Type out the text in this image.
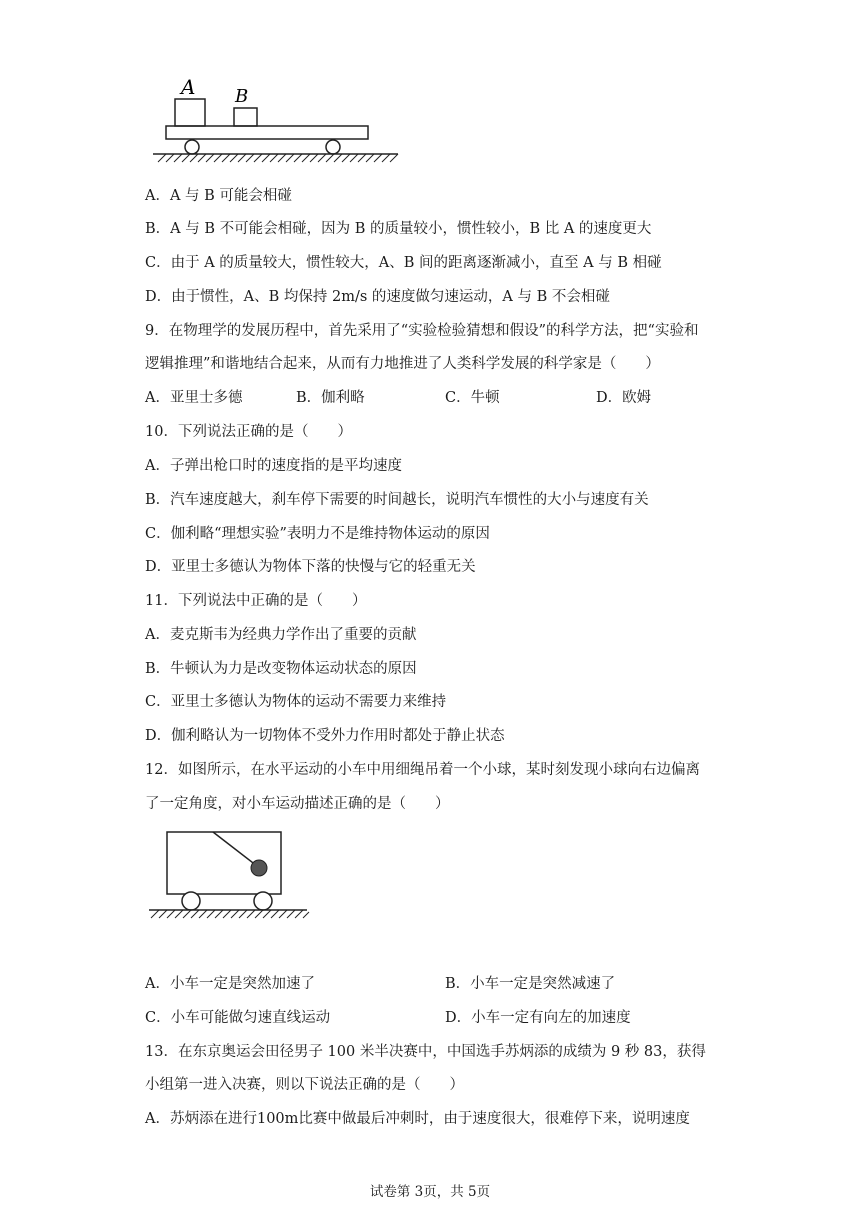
A B
A．A 与 B 可能会相碰
B．A 与 B 不可能会相碰，因为 B 的质量较小，惯性较小，B 比 A 的速度更大
C．由于 A 的质量较大，惯性较大，A、B 间的距离逐渐减小，直至 A 与 B 相碰
D．由于惯性，A、B 均保持 2m/s 的速度做匀速运动，A 与 B 不会相碰
9．在物理学的发展历程中，首先采用了“实验检验猜想和假设”的科学方法，把“实验和
逻辑推理”和谐地结合起来，从而有力地推进了人类科学发展的科学家是（　　）
A．亚里士多德	B．伽利略	C．牛顿	D．欧姆
10．下列说法正确的是（　　）
A．子弹出枪口时的速度指的是平均速度
B．汽车速度越大，刹车停下需要的时间越长，说明汽车惯性的大小与速度有关
C．伽利略“理想实验”表明力不是维持物体运动的原因
D．亚里士多德认为物体下落的快慢与它的轻重无关
11．下列说法中正确的是（　　）
A．麦克斯韦为经典力学作出了重要的贡献
B．牛顿认为力是改变物体运动状态的原因
C．亚里士多德认为物体的运动不需要力来维持
D．伽利略认为一切物体不受外力作用时都处于静止状态
12．如图所示，在水平运动的小车中用细绳吊着一个小球，某时刻发现小球向右边偏离
了一定角度，对小车运动描述正确的是（　　）
A．小车一定是突然加速了	B．小车一定是突然减速了
C．小车可能做匀速直线运动	D．小车一定有向左的加速度
13．在东京奥运会田径男子 100 米半决赛中，中国选手苏炳添的成绩为 9 秒 83，获得
小组第一进入决赛，则以下说法正确的是（　　）
A．苏炳添在进行100m比赛中做最后冲刺时，由于速度很大，很难停下来，说明速度
试卷第 3页，共 5页
